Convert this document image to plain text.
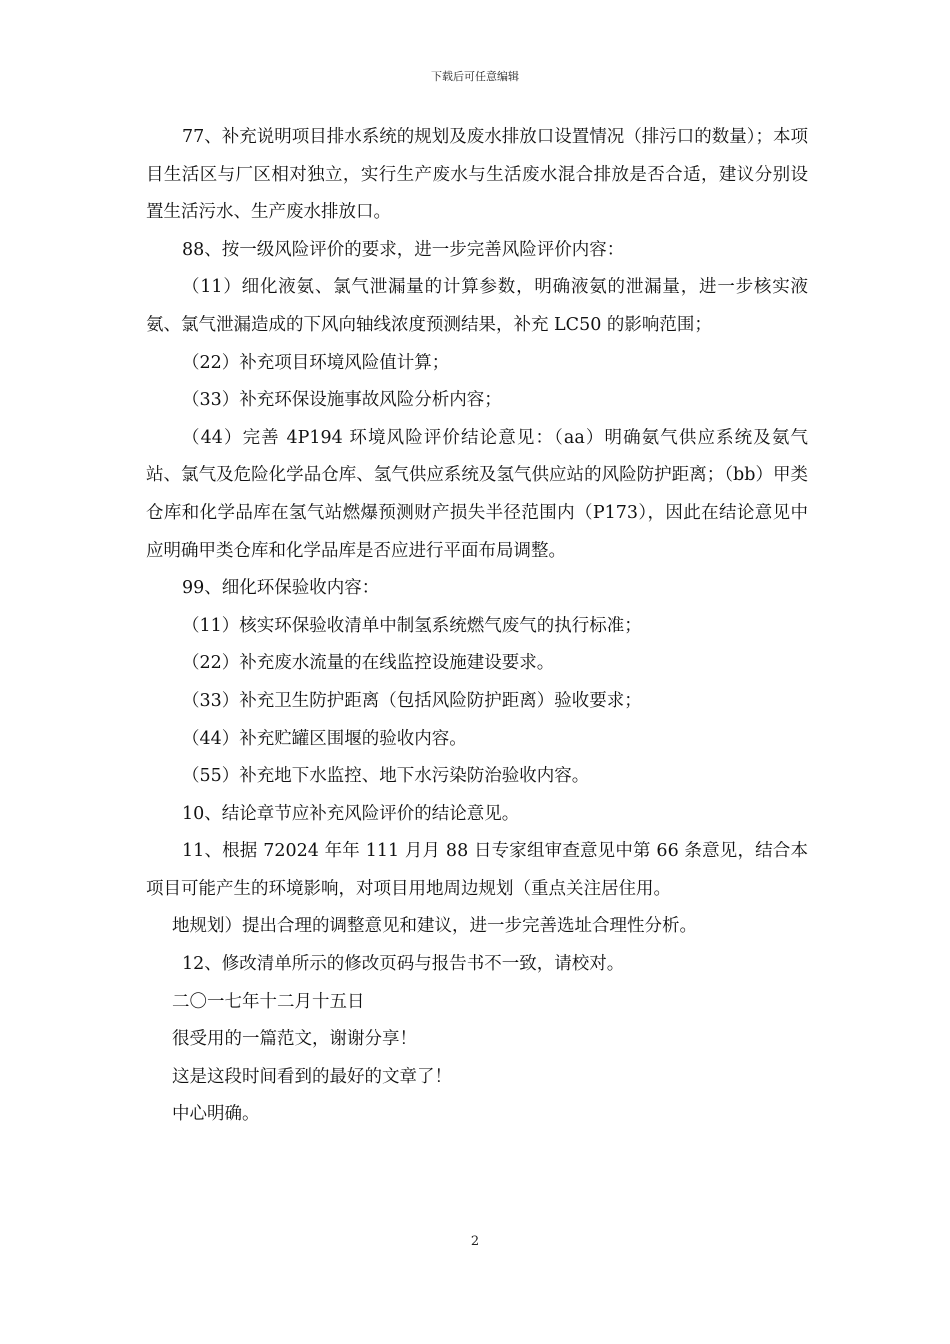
下载后可任意编辑

77、补充说明项目排水系统的规划及废水排放口设置情况（排污口的数量）；本项目生活区与厂区相对独立，实行生产废水与生活废水混合排放是否合适，建议分别设置生活污水、生产废水排放口。

88、按一级风险评价的要求，进一步完善风险评价内容：

（11）细化液氨、氯气泄漏量的计算参数，明确液氨的泄漏量，进一步核实液氨、氯气泄漏造成的下风向轴线浓度预测结果，补充 LC50 的影响范围；

（22）补充项目环境风险值计算；

（33）补充环保设施事故风险分析内容；

（44）完善 4P194 环境风险评价结论意见：（aa）明确氨气供应系统及氨气站、氯气及危险化学品仓库、氢气供应系统及氢气供应站的风险防护距离；（bb）甲类仓库和化学品库在氢气站燃爆预测财产损失半径范围内（P173），因此在结论意见中应明确甲类仓库和化学品库是否应进行平面布局调整。

99、细化环保验收内容：

（11）核实环保验收清单中制氢系统燃气废气的执行标准；

（22）补充废水流量的在线监控设施建设要求。

（33）补充卫生防护距离（包括风险防护距离）验收要求；

（44）补充贮罐区围堰的验收内容。

（55）补充地下水监控、地下水污染防治验收内容。

10、结论章节应补充风险评价的结论意见。

11、根据 72024 年年 111 月月 88 日专家组审查意见中第 66 条意见，结合本项目可能产生的环境影响，对项目用地周边规划（重点关注居住用。

地规划）提出合理的调整意见和建议，进一步完善选址合理性分析。

12、修改清单所示的修改页码与报告书不一致，请校对。

二〇一七年十二月十五日

很受用的一篇范文，谢谢分享！

这是这段时间看到的最好的文章了！

中心明确。

2
